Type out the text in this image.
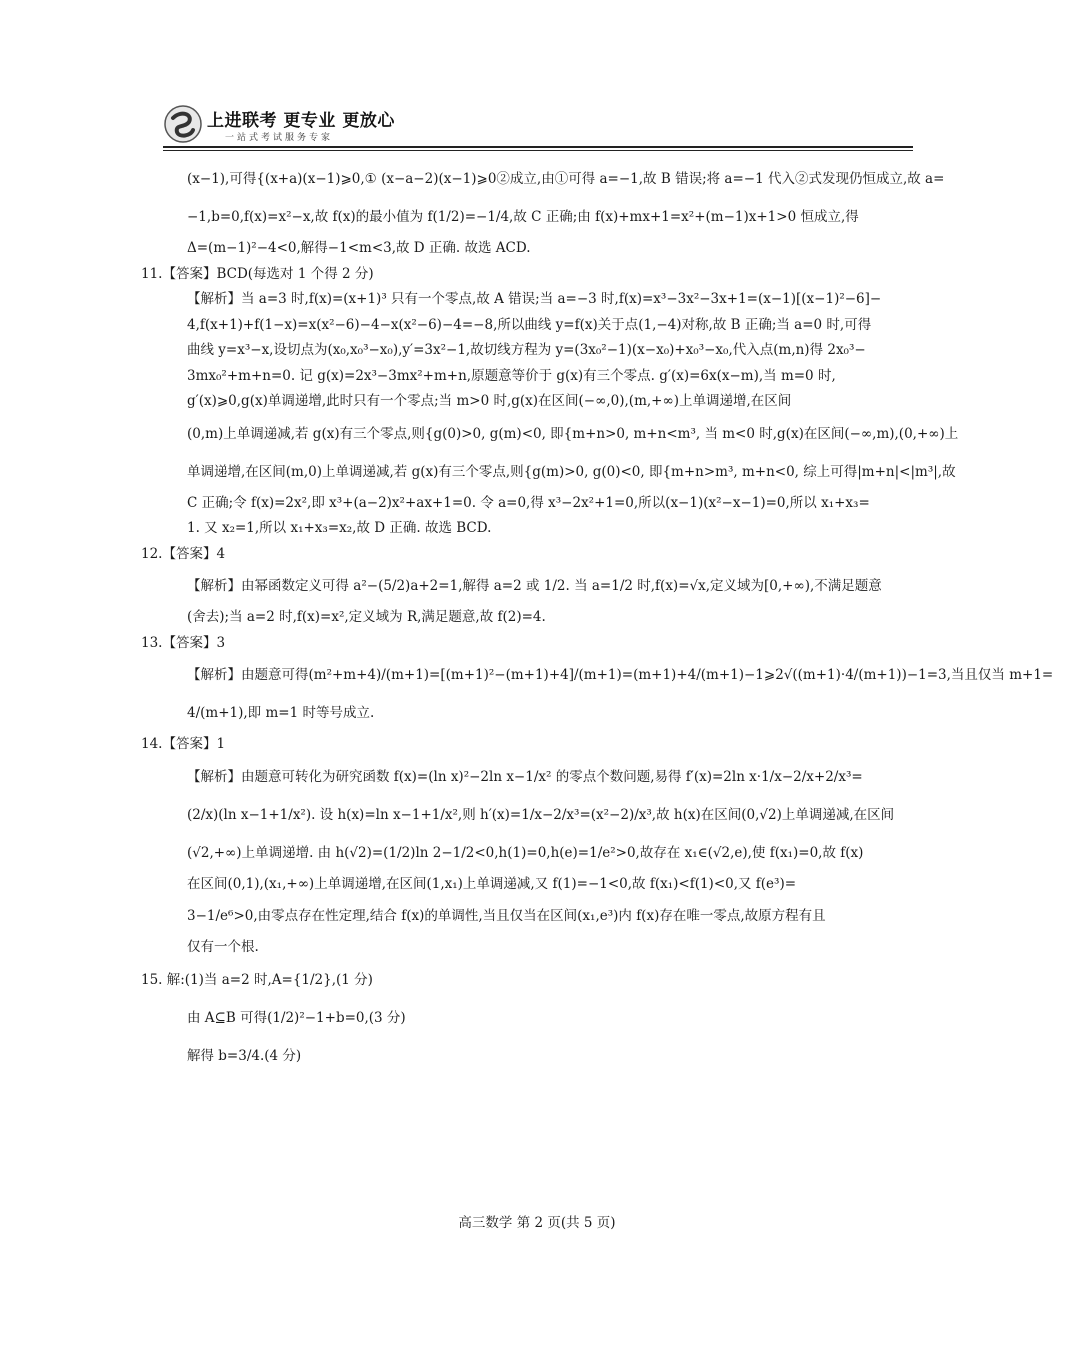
上进联考 更专业 更放心
一站式考试服务专家
(x−1),可得{(x+a)(x−1)⩾0,① (x−a−2)(x−1)⩾0②成立,由①可得 a=−1,故 B 错误;将 a=−1 代入②式发现仍恒成立,故 a=
−1,b=0,f(x)=x²−x,故 f(x)的最小值为 f(1/2)=−1/4,故 C 正确;由 f(x)+mx+1=x²+(m−1)x+1>0 恒成立,得
Δ=(m−1)²−4<0,解得−1<m<3,故 D 正确. 故选 ACD.
11.【答案】BCD(每选对 1 个得 2 分)
【解析】当 a=3 时,f(x)=(x+1)³ 只有一个零点,故 A 错误;当 a=−3 时,f(x)=x³−3x²−3x+1=(x−1)[(x−1)²−6]−
4,f(x+1)+f(1−x)=x(x²−6)−4−x(x²−6)−4=−8,所以曲线 y=f(x)关于点(1,−4)对称,故 B 正确;当 a=0 时,可得
曲线 y=x³−x,设切点为(x₀,x₀³−x₀),y′=3x²−1,故切线方程为 y=(3x₀²−1)(x−x₀)+x₀³−x₀,代入点(m,n)得 2x₀³−
3mx₀²+m+n=0. 记 g(x)=2x³−3mx²+m+n,原题意等价于 g(x)有三个零点. g′(x)=6x(x−m),当 m=0 时,
g′(x)⩾0,g(x)单调递增,此时只有一个零点;当 m>0 时,g(x)在区间(−∞,0),(m,+∞)上单调递增,在区间
(0,m)上单调递减,若 g(x)有三个零点,则{g(0)>0, g(m)<0, 即{m+n>0, m+n<m³, 当 m<0 时,g(x)在区间(−∞,m),(0,+∞)上
单调递增,在区间(m,0)上单调递减,若 g(x)有三个零点,则{g(m)>0, g(0)<0, 即{m+n>m³, m+n<0, 综上可得|m+n|<|m³|,故
C 正确;令 f(x)=2x²,即 x³+(a−2)x²+ax+1=0. 令 a=0,得 x³−2x²+1=0,所以(x−1)(x²−x−1)=0,所以 x₁+x₃=
1. 又 x₂=1,所以 x₁+x₃=x₂,故 D 正确. 故选 BCD.
12.【答案】4
【解析】由幂函数定义可得 a²−(5/2)a+2=1,解得 a=2 或 1/2. 当 a=1/2 时,f(x)=√x,定义域为[0,+∞),不满足题意
(舍去);当 a=2 时,f(x)=x²,定义域为 R,满足题意,故 f(2)=4.
13.【答案】3
【解析】由题意可得(m²+m+4)/(m+1)=[(m+1)²−(m+1)+4]/(m+1)=(m+1)+4/(m+1)−1⩾2√((m+1)·4/(m+1))−1=3,当且仅当 m+1=
4/(m+1),即 m=1 时等号成立.
14.【答案】1
【解析】由题意可转化为研究函数 f(x)=(ln x)²−2ln x−1/x² 的零点个数问题,易得 f′(x)=2ln x·1/x−2/x+2/x³=
(2/x)(ln x−1+1/x²). 设 h(x)=ln x−1+1/x²,则 h′(x)=1/x−2/x³=(x²−2)/x³,故 h(x)在区间(0,√2)上单调递减,在区间
(√2,+∞)上单调递增. 由 h(√2)=(1/2)ln 2−1/2<0,h(1)=0,h(e)=1/e²>0,故存在 x₁∈(√2,e),使 f(x₁)=0,故 f(x)
在区间(0,1),(x₁,+∞)上单调递增,在区间(1,x₁)上单调递减,又 f(1)=−1<0,故 f(x₁)<f(1)<0,又 f(e³)=
3−1/e⁶>0,由零点存在性定理,结合 f(x)的单调性,当且仅当在区间(x₁,e³)内 f(x)存在唯一零点,故原方程有且
仅有一个根.
15. 解:(1)当 a=2 时,A={1/2},(1 分)
由 A⊆B 可得(1/2)²−1+b=0,(3 分)
解得 b=3/4.(4 分)
高三数学 第 2 页(共 5 页)
